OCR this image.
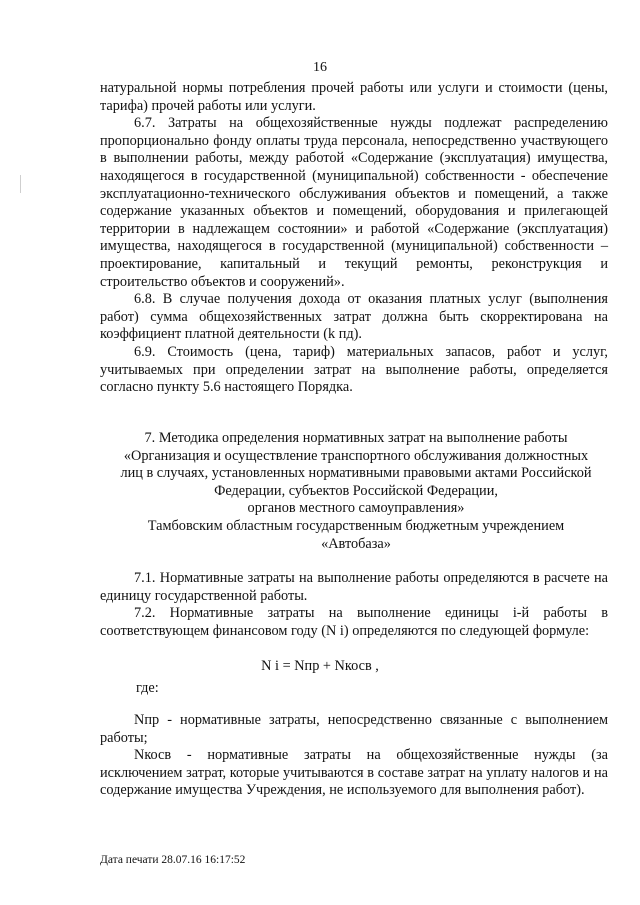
16

натуральной нормы потребления прочей работы или услуги и стоимости (цены, тарифа) прочей работы или услуги.

6.7. Затраты на общехозяйственные нужды подлежат распределению пропорционально фонду оплаты труда персонала, непосредственно участвующего в выполнении работы, между работой «Содержание (эксплуатация) имущества, находящегося в государственной (муниципальной) собственности - обеспечение эксплуатационно-технического обслуживания объектов и помещений, а также содержание указанных объектов и помещений, оборудования и прилегающей территории в надлежащем состоянии» и работой «Содержание (эксплуатация) имущества, находящегося в государственной (муниципальной) собственности – проектирование, капитальный и текущий ремонты, реконструкция и строительство объектов и сооружений».

6.8. В случае получения дохода от оказания платных услуг (выполнения работ) сумма общехозяйственных затрат должна быть скорректирована на коэффициент платной деятельности (k пд).

6.9. Стоимость (цена, тариф) материальных запасов, работ и услуг, учитываемых при определении затрат на выполнение работы, определяется согласно пункту 5.6 настоящего Порядка.

7. Методика определения нормативных затрат на выполнение работы
«Организация и осуществление транспортного обслуживания должностных
лиц в случаях, установленных нормативными правовыми актами Российской
Федерации, субъектов Российской Федерации,
органов местного самоуправления»
Тамбовским областным государственным бюджетным учреждением
«Автобаза»

7.1. Нормативные затраты на выполнение работы определяются в расчете на единицу государственной работы.

7.2. Нормативные затраты на выполнение единицы i-й работы в соответствующем финансовом году (N i) определяются по следующей формуле:

N i = Nпр + Nкосв ,
где:

Nпр - нормативные затраты, непосредственно связанные с выполнением работы;

Nкосв - нормативные затраты на общехозяйственные нужды (за исключением затрат, которые учитываются в составе затрат на уплату налогов и на содержание имущества Учреждения, не используемого для выполнения работ).

Дата печати 28.07.16 16:17:52
